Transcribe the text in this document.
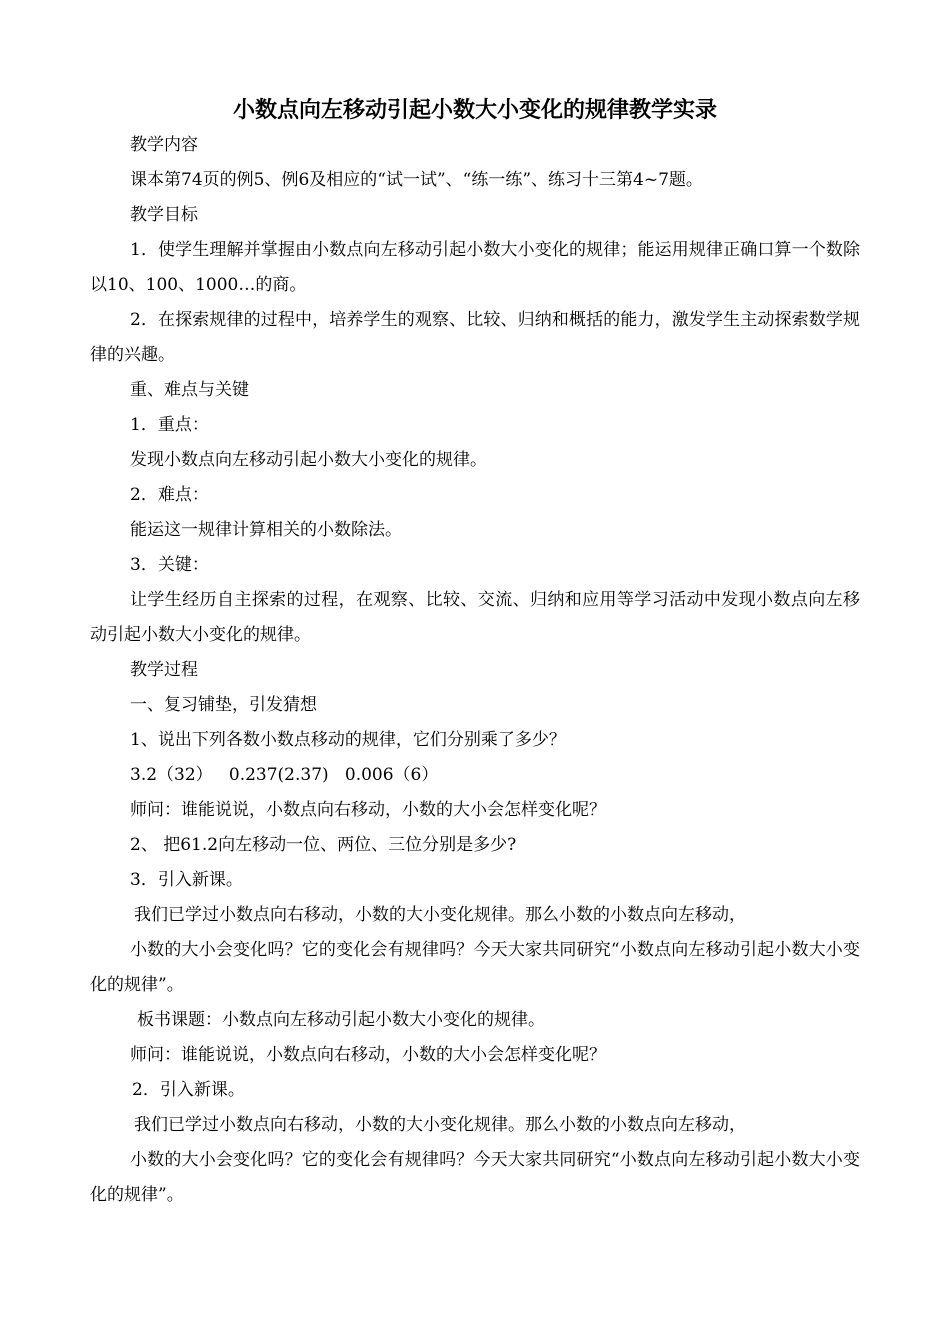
小数点向左移动引起小数大小变化的规律教学实录

教学内容

课本第74页的例5、例6及相应的“试一试”、“练一练”、练习十三第4~7题。

教学目标

1．使学生理解并掌握由小数点向左移动引起小数大小变化的规律；能运用规律正确口算一个数除以10、100、1000…的商。

2．在探索规律的过程中，培养学生的观察、比较、归纳和概括的能力，激发学生主动探索数学规律的兴趣。

重、难点与关键

1．重点：

发现小数点向左移动引起小数大小变化的规律。

2．难点：

能运这一规律计算相关的小数除法。

3．关键：

让学生经历自主探索的过程，在观察、比较、交流、归纳和应用等学习活动中发现小数点向左移动引起小数大小变化的规律。

教学过程

一、复习铺垫，引发猜想

1、说出下列各数小数点移动的规律，它们分别乘了多少？

3.2（32）   0.237(2.37)   0.006（6）

师问：谁能说说，小数点向右移动，小数的大小会怎样变化呢？

2、 把61.2向左移动一位、两位、三位分别是多少?

3．引入新课。

我们已学过小数点向右移动，小数的大小变化规律。那么小数的小数点向左移动，

小数的大小会变化吗？它的变化会有规律吗？今天大家共同研究“小数点向左移动引起小数大小变化的规律”。

板书课题：小数点向左移动引起小数大小变化的规律。

师问：谁能说说，小数点向右移动，小数的大小会怎样变化呢？

2．引入新课。

我们已学过小数点向右移动，小数的大小变化规律。那么小数的小数点向左移动，

小数的大小会变化吗？它的变化会有规律吗？今天大家共同研究“小数点向左移动引起小数大小变化的规律”。
